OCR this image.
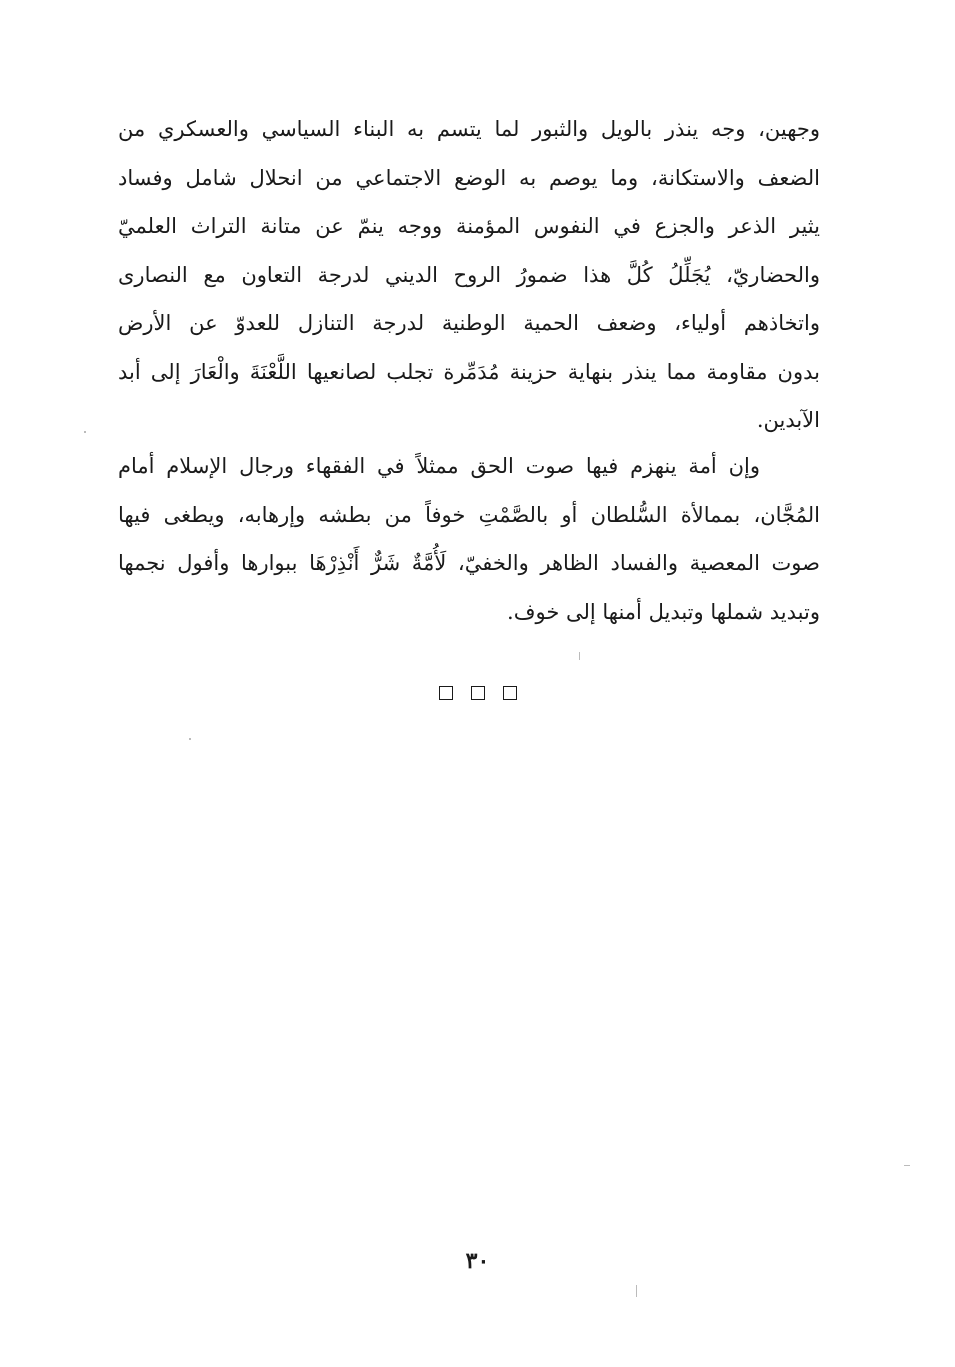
وجهين، وجه ينذر بالويل والثبور لما يتسم به البناء السياسي والعسكري من
الضعف والاستكانة، وما يوصم به الوضع الاجتماعي من انحلال شامل وفساد
يثير الذعر والجزع في النفوس المؤمنة ووجه ينمّ عن متانة التراث العلميّ
والحضاريّ، يُجَلِّلُ كُلَّ هذا ضمورُ الروح الديني لدرجة التعاون مع النصارى
واتخاذهم أولياء، وضعف الحمية الوطنية لدرجة التنازل للعدوّ عن الأرض
بدون مقاومة مما ينذر بنهاية حزينة مُدَمِّرة تجلب لصانعيها اللَّعْنَةَ والْعَارَ إلى أبد
الآبدين.
وإن أمة ينهزم فيها صوت الحق ممثلاً في الفقهاء ورجال الإسلام أمام
المُجَّان، بممالأة السُّلطان أو بالصَّمْتِ خوفاً من بطشه وإرهابه، ويطغى فيها
صوت المعصية والفساد الظاهر والخفيّ، لَأُمَّةٌ شَرٌّ أَنْذِرْهَا ببوارها وأفول نجمها
وتبديد شملها وتبديل أمنها إلى خوف.

٣٠
